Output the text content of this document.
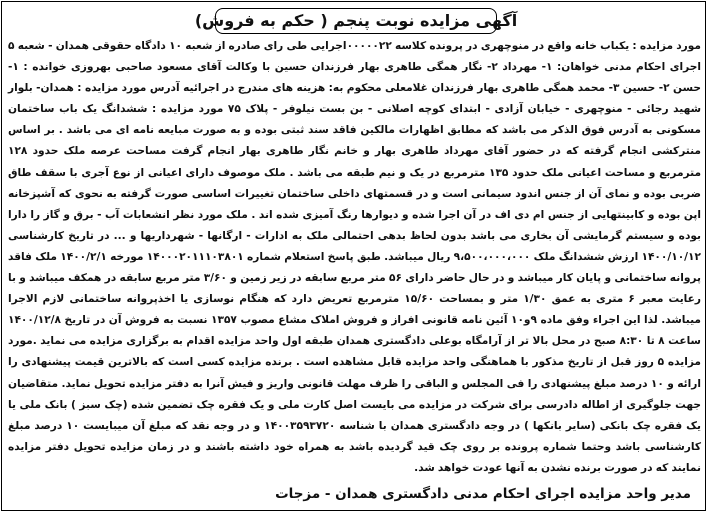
آگهی مزایده نوبت پنجم ( حکم به فروش)

مورد مزایده : یکباب خانه واقع در منوچهری در پرونده کلاسه ۰۰۰۰۰۲۲اجرایی طی رای صادره از شعبه ۱۰ دادگاه حقوقی همدان - شعبه ۵ اجرای احکام مدنی خواهان: ۱- مهرداد ۲- نگار همگی طاهری بهار فرزندان حسین با وکالت آقای مسعود صاحبی بهروزی خوانده : ۱- حسن ۲- حسین ۳- محمد همگی طاهری بهار فرزندان غلامعلی محکوم به: هزینه های مندرج در اجرائیه آدرس مورد مزایده : همدان- بلوار شهید رجائی - منوچهری - خیابان آزادی - ابتدای کوچه اصلانی - بن بست نیلوفر - پلاک ۷۵ مورد مزایده : ششدانگ یک باب ساختمان مسکونی به آدرس فوق الذکر می باشد که مطابق اظهارات مالکین فاقد سند ثبتی بوده و به صورت مبایعه نامه ای می باشد . بر اساس منترکشی انجام گرفته که در حضور آقای مهرداد طاهری بهار و خانم نگار طاهری بهار انجام گرفت مساحت عرصه ملک حدود ۱۲۸ مترمربع و مساحت اعیانی ملک حدود ۱۳۵ مترمربع در یک و نیم طبقه می باشد . ملک موصوف دارای اعیانی از نوع آجری با سقف طاق ضربی بوده و نمای آن از جنس اندود سیمانی است و در قسمتهای داخلی ساختمان تغییرات اساسی صورت گرفته به نحوی که آشپزخانه اپن بوده و کابینتهایی از جنس ام دی اف در آن اجرا شده و دیوارها رنگ آمیزی شده اند . ملک مورد نظر انشعابات آب - برق و گاز را دارا بوده و سیستم گرمایشی آن بخاری می باشد بدون لحاظ بدهی احتمالی ملک به ادارات - ارگانها - شهرداریها و ... در تاریخ کارشناسی ۱۴۰۰/۱۰/۱۲ ارزش ششدانگ ملک ۹،۵۰۰،۰۰۰،۰۰۰ ریال میباشد. طبق پاسخ استعلام شماره ۱۴۰۰۰۲۰۱۱۱۰۳۸۰۱ مورخه ۱۴۰۰/۲/۱ ملک فاقد پروانه ساختمانی و پایان کار میباشد و در حال حاضر دارای ۵۶ متر مربع سابقه در زیر زمین و ۳/۶۰ متر مربع سابقه در همکف میباشد و با رعایت معبر ۶ متری به عمق ۱/۳۰ متر و بمساحت ۱۵/۶۰ مترمربع تعریض دارد که هنگام نوسازی یا اخذپروانه ساختمانی لازم الاجرا میباشد. لذا این اجراء وفق ماده ۹و۱۰ آئین نامه قانونی افراز و فروش املاک مشاع مصوب ۱۳۵۷ نسبت به فروش آن در تاریخ ۱۴۰۰/۱۲/۸ ساعت ۸ تا ۸:۳۰ صبح در محل بالا تر از آرامگاه بوعلی دادگستری همدان طبقه اول واحد مزایده اقدام به برگزاری مزایده می نماید .مورد مزایده ۵ روز قبل از تاریخ مذکور با هماهنگی واحد مزایده قابل مشاهده است . برنده مزایده کسی است که بالاترین قیمت پیشنهادی را ارائه و ۱۰ درصد مبلغ پیشنهادی را فی المجلس و الباقی را ظرف مهلت قانونی واریز و فیش آنرا به دفتر مزایده تحویل نماید. متقاضیان جهت جلوگیری از اطاله دادرسی برای شرکت در مزایده می بایست اصل کارت ملی و یک فقره چک تضمین شده (چک سبز ) بانک ملی یا یک فقره چک بانکی (سایر بانکها ) در وجه دادگستری همدان با شناسه ۱۴۰۰۳۵۹۳۷۲۰ و در وجه نقد که مبلغ آن میبایست ۱۰ درصد مبلغ کارشناسی باشد وحتما شماره پرونده بر روی چک قید گردیده باشد به همراه خود داشته باشند و در زمان مزایده تحویل دفتر مزایده نمایند که در صورت برنده نشدن به آنها عودت خواهد شد.

مدیر واحد مزایده اجرای احکام مدنی دادگستری همدان - مزجات
